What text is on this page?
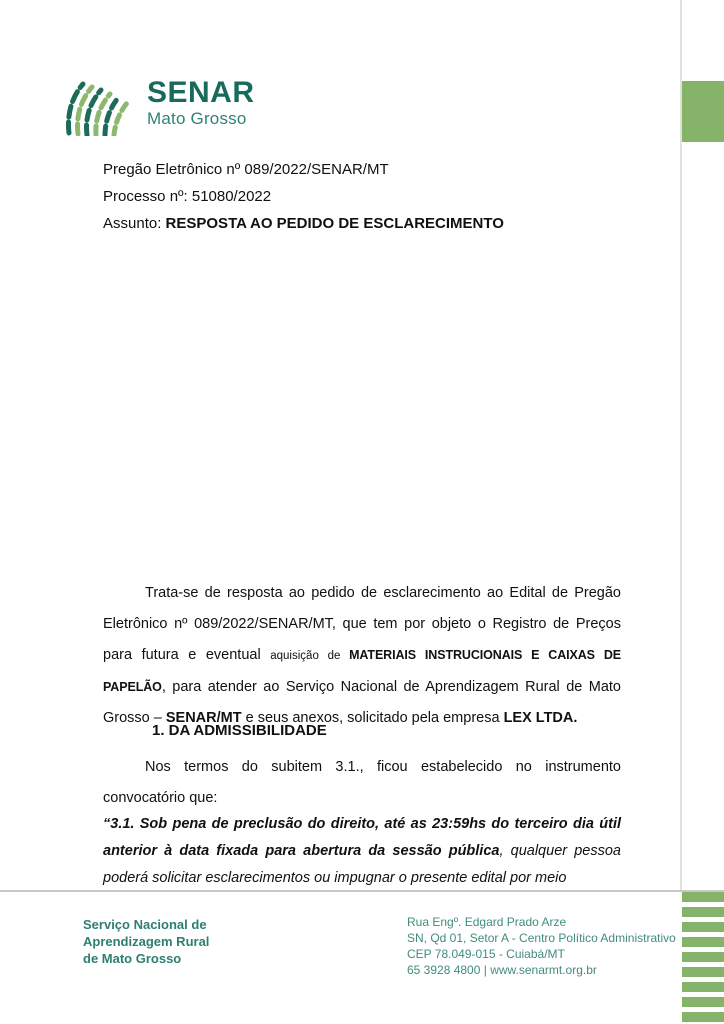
SENAR
Mato Grosso
Pregão Eletrônico nº 089/2022/SENAR/MT
Processo nº: 51080/2022
Assunto: RESPOSTA AO PEDIDO DE ESCLARECIMENTO

Trata-se de resposta ao pedido de esclarecimento ao Edital de Pregão Eletrônico nº 089/2022/SENAR/MT, que tem por objeto o Registro de Preços para futura e eventual aquisição de MATERIAIS INSTRUCIONAIS E CAIXAS DE PAPELÃO, para atender ao Serviço Nacional de Aprendizagem Rural de Mato Grosso – SENAR/MT e seus anexos, solicitado pela empresa LEX LTDA.

1. DA ADMISSIBILIDADE

Nos termos do subitem 3.1., ficou estabelecido no instrumento convocatório que:

“3.1. Sob pena de preclusão do direito, até as 23:59hs do terceiro dia útil anterior à data fixada para abertura da sessão pública, qualquer pessoa poderá solicitar esclarecimentos ou impugnar o presente edital por meio

Serviço Nacional de
Aprendizagem Rural
de Mato Grosso
Rua Engº. Edgard Prado Arze
SN, Qd 01, Setor A - Centro Político Administrativo
CEP 78.049-015 - Cuiabá/MT
65 3928 4800 | www.senarmt.org.br
